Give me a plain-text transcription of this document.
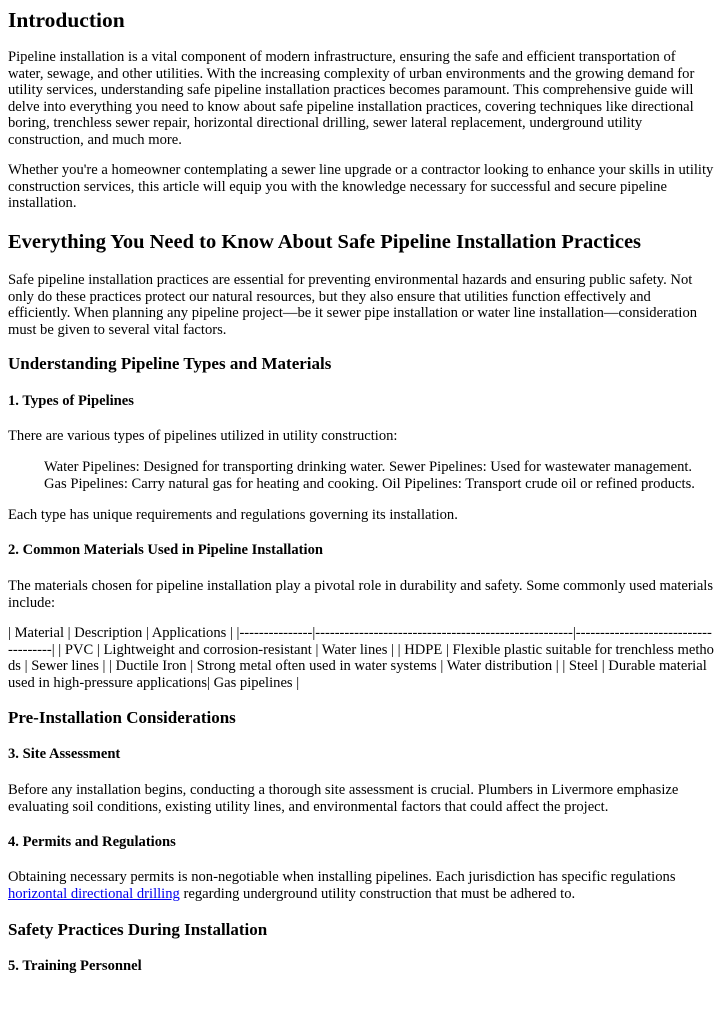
Introduction

Pipeline installation is a vital component of modern infrastructure, ensuring the safe and efficient transportation of water, sewage, and other utilities. With the increasing complexity of urban environments and the growing demand for utility services, understanding safe pipeline installation practices becomes paramount. This comprehensive guide will delve into everything you need to know about safe pipeline installation practices, covering techniques like directional boring, trenchless sewer repair, horizontal directional drilling, sewer lateral replacement, underground utility construction, and much more.

Whether you're a homeowner contemplating a sewer line upgrade or a contractor looking to enhance your skills in utility construction services, this article will equip you with the knowledge necessary for successful and secure pipeline installation.

Everything You Need to Know About Safe Pipeline Installation Practices

Safe pipeline installation practices are essential for preventing environmental hazards and ensuring public safety. Not only do these practices protect our natural resources, but they also ensure that utilities function effectively and efficiently. When planning any pipeline project—be it sewer pipe installation or water line installation—consideration must be given to several vital factors.

Understanding Pipeline Types and Materials
1. Types of Pipelines

There are various types of pipelines utilized in utility construction:

Water Pipelines: Designed for transporting drinking water. Sewer Pipelines: Used for wastewater management. Gas Pipelines: Carry natural gas for heating and cooking. Oil Pipelines: Transport crude oil or refined products.

Each type has unique requirements and regulations governing its installation.

2. Common Materials Used in Pipeline Installation

The materials chosen for pipeline installation play a pivotal role in durability and safety. Some commonly used materials include:

| Material | Description | Applications | |---------------|-----------------------------------------------------|-------------------------------------| | PVC | Lightweight and corrosion-resistant | Water lines | | HDPE | Flexible plastic suitable for trenchless methods | Sewer lines | | Ductile Iron | Strong metal often used in water systems | Water distribution | | Steel | Durable material used in high-pressure applications| Gas pipelines |

Pre-Installation Considerations
3. Site Assessment

Before any installation begins, conducting a thorough site assessment is crucial. Plumbers in Livermore emphasize evaluating soil conditions, existing utility lines, and environmental factors that could affect the project.

4. Permits and Regulations

Obtaining necessary permits is non-negotiable when installing pipelines. Each jurisdiction has specific regulations horizontal directional drilling regarding underground utility construction that must be adhered to.

Safety Practices During Installation
5. Training Personnel
